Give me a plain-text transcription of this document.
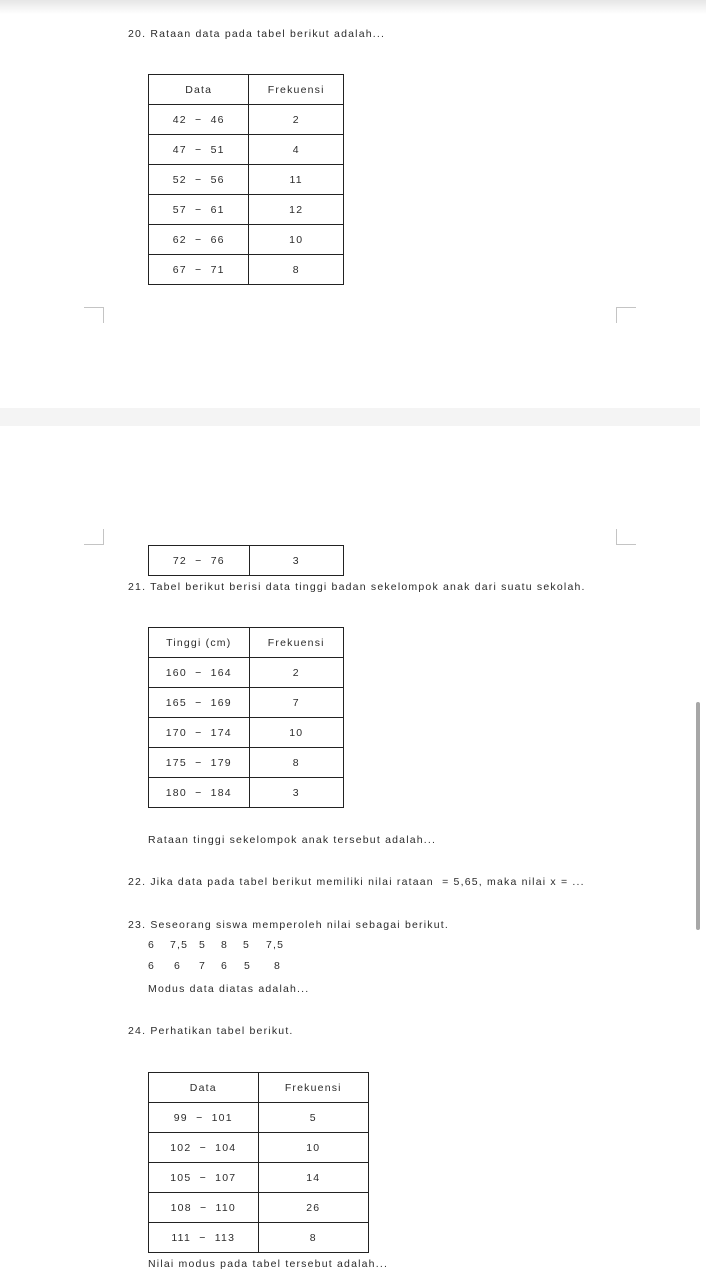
20. Rataan data pada tabel berikut adalah...
Data	Frekuensi
42  −  46	2
47  −  51	4
52  −  56	11
57  −  61	12
62  −  66	10
67  −  71	8
72  −  76	3
21. Tabel berikut berisi data tinggi badan sekelompok anak dari suatu sekolah.
Tinggi (cm)	Frekuensi
160  −  164	2
165  −  169	7
170  −  174	10
175  −  179	8
180  −  184	3
Rataan tinggi sekelompok anak tersebut adalah...
22. Jika data pada tabel berikut memiliki nilai rataan  = 5,65, maka nilai x = ...
23. Seseorang siswa memperoleh nilai sebagai berikut.
6 7,5 5 8 5 7,5
6 6 7 6 5 8
Modus data diatas adalah...
24. Perhatikan tabel berikut.
Data	Frekuensi
99  −  101	5
102  −  104	10
105  −  107	14
108  −  110	26
111  −  113	8
Nilai modus pada tabel tersebut adalah...
